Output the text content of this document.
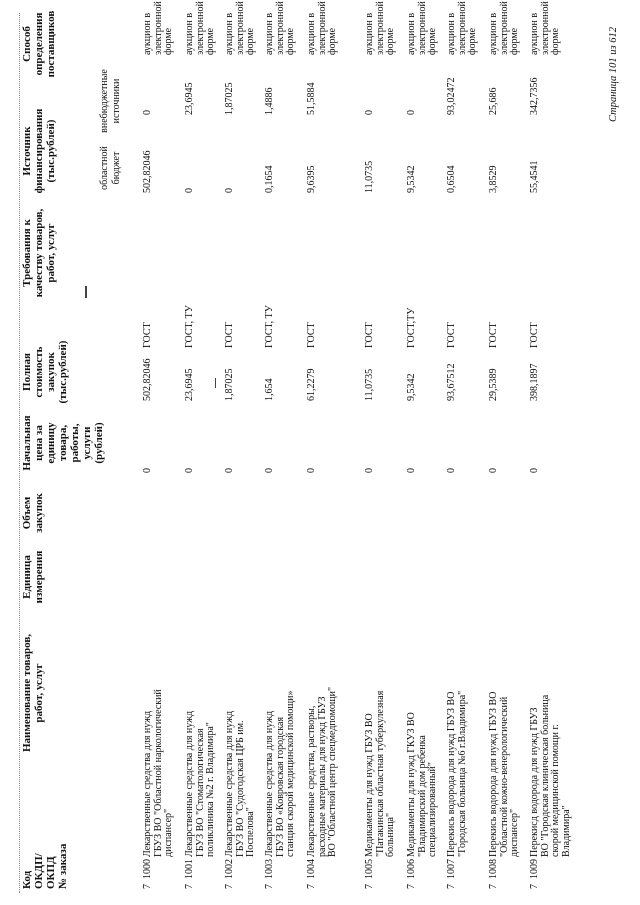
Код
ОКДП/
ОКПД
№ заказа
Наименование товаров,
работ, услуг
Единица
измерения
Объем
закупок
Начальная
цена за
единицу
товара,
работы,
услуги
(рублей)
Полная
стоимость
закупок
(тыс.рублей)
Требования к
качеству товаров,
работ, услуг
Источник
финансирования
(тыс.рублей)	областной
бюджет
внебюджетные
источники
Способ
определения
поставщиков
7
1000
Лекарственные средства для нужд
ГБУЗ ВО "Областной наркологический
диспансер"
0
502,82046
ГОСТ
502,82046
0
аукцион в
электронной
форме
7
1001
Лекарственные средства для нужд
ГБУЗ ВО "Стоматологическая
поликлиника №2 г. Владимира"
0
23,6945
ГОСТ, ТУ
0
23,6945
аукцион в
электронной
форме
7
1002
Лекарственные средства для нужд
ГБУЗ ВО "Судогодская ЦРБ им.
Поспелова"
0
1,87025
ГОСТ
0
1,87025
аукцион в
электронной
форме
7
1003
Лекарственные средства для нужд
ГБУЗ ВО «Ковровская городская
станция скорой медицинской помощи»
0
1,654
ГОСТ, ТУ
0,1654
1,4886
аукцион в
электронной
форме
7
1004
Лекарственные средства, растворы,
расходные материалы для нужд ГБУЗ
ВО "Областной центр спецмедпомощи"
0
61,2279
ГОСТ
9,6395
51,5884
аукцион в
электронной
форме
7
1005
Медикаменты для нужд ГБУЗ ВО
"Патакинская областная туберкулезная
больница"
0
11,0735
ГОСТ
11,0735
0
аукцион в
электронной
форме
7
1006
Медикаменты для нужд ГКУЗ ВО
"Владимирский дом ребенка
специализированный"
0
9,5342
ГОСТ,ТУ
9,5342
0
аукцион в
электронной
форме
7
1007
Перекись водорода для нужд ГБУЗ ВО
"Городская больница №6 г.Владимира"
0
93,67512
ГОСТ
0,6504
93,02472
аукцион в
электронной
форме
7
1008
Перекись водорода для нужд ГБУЗ ВО
"Областной кожно-венерологический
диспансер"
0
29,5389
ГОСТ
3,8529
25,686
аукцион в
электронной
форме
7
1009
Перекисд водорода для нужд ГБУЗ
ВО "Городская клиническая больница
скорой медицинской помощи г.
Владимира"
0
398,1897
ГОСТ
55,4541
342,7356
аукцион в
электронной
форме	Страница 101 из 612
